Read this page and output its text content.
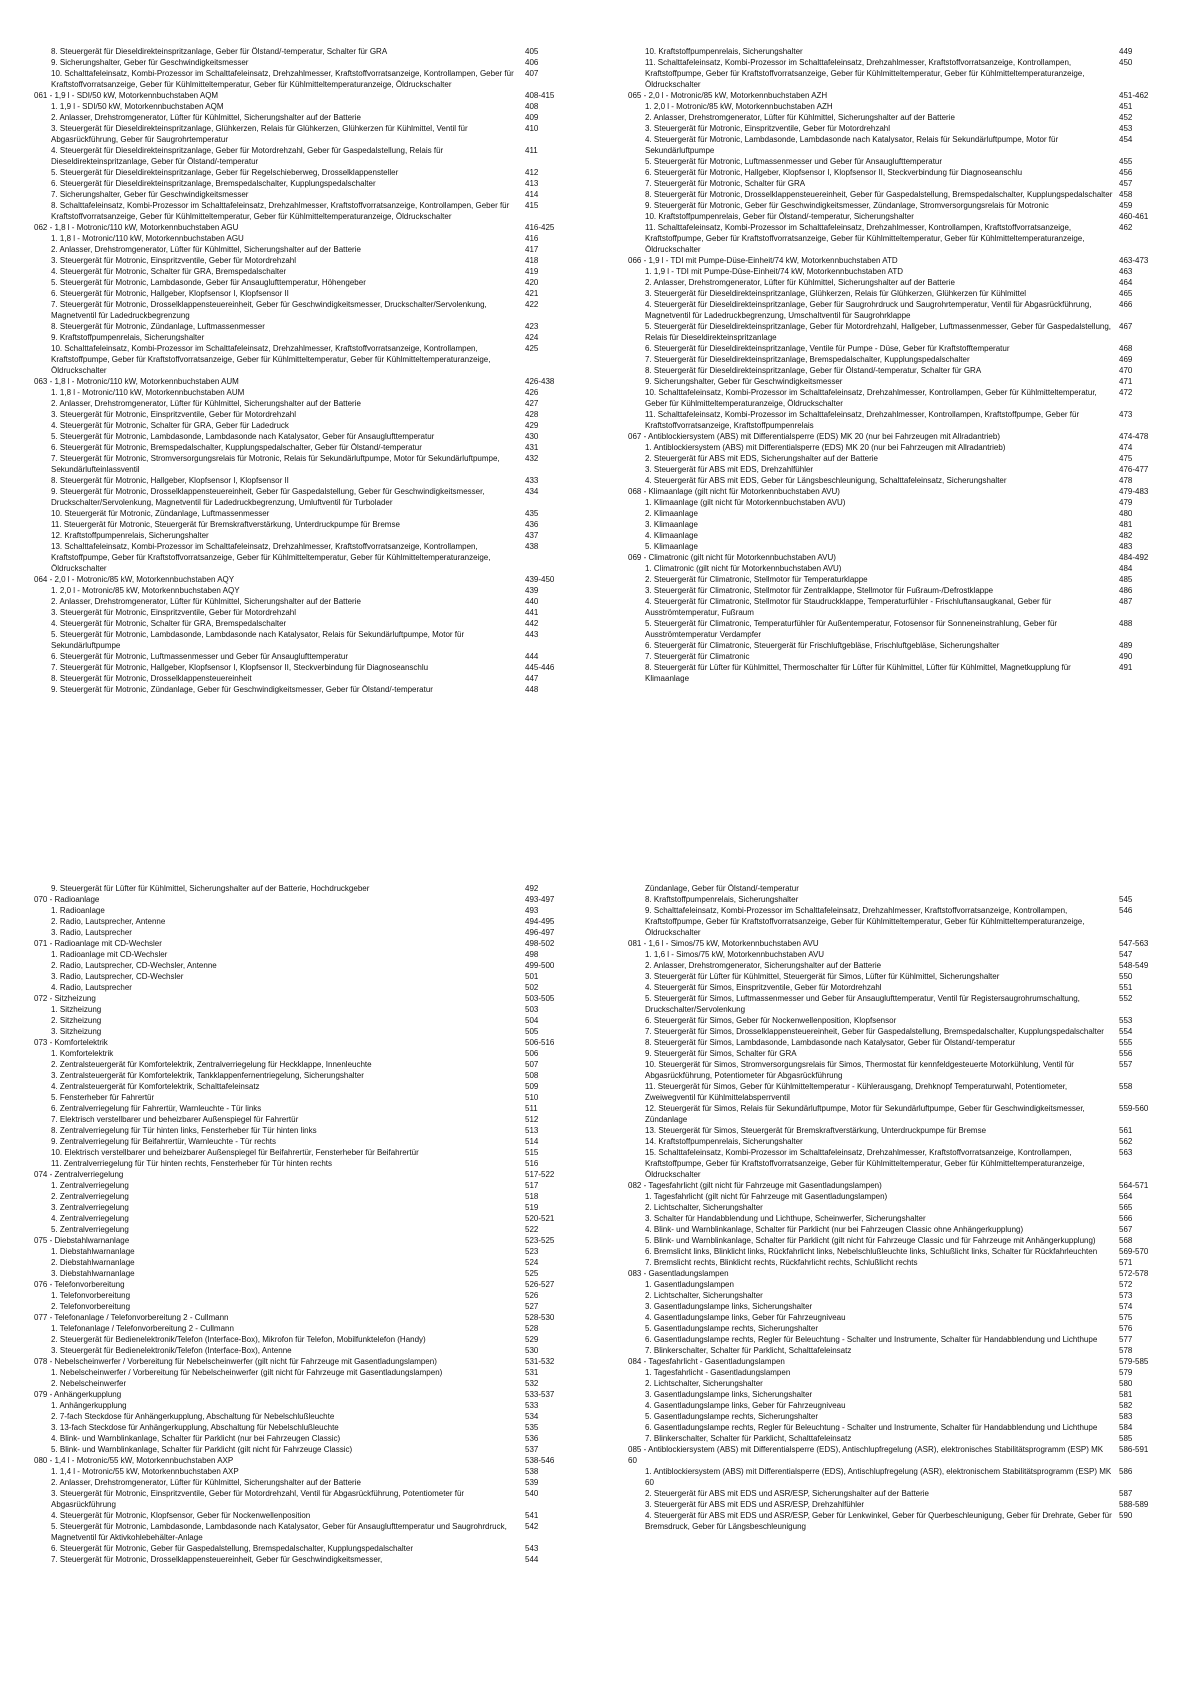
8. Steuergerät für Dieseldirekteinspritzanlage, Geber für Ölstand/-temperatur, Schalter für GRA	405
9. Sicherungshalter, Geber für Geschwindigkeitsmesser	406
10. Schalttafeleinsatz, Kombi-Prozessor im Schalttafeleinsatz, Drehzahlmesser, Kraftstoffvorratsanzeige, Kontrollampen, Geber für Kraftstoffvorratsanzeige, Geber für Kühlmitteltemperatur, Geber für Kühlmitteltemperaturanzeige, Öldruckschalter
407
061 - 1,9 l - SDI/50 kW, Motorkennbuchstaben AQM	408-415
1. 1,9 l - SDI/50 kW, Motorkennbuchstaben AQM	408
2. Anlasser, Drehstromgenerator, Lüfter für Kühlmittel, Sicherungshalter auf der Batterie	409
3. Steuergerät für Dieseldirekteinspritzanlage, Glühkerzen, Relais für Glühkerzen, Glühkerzen für Kühlmittel, Ventil für Abgasrückführung, Geber für Saugrohrtemperatur
410
4. Steuergerät für Dieseldirekteinspritzanlage, Geber für Motordrehzahl, Geber für Gaspedalstellung, Relais für Dieseldirekteinspritzanlage, Geber für Ölstand/-temperatur
411
5. Steuergerät für Dieseldirekteinspritzanlage, Geber für Regelschieberweg, Drosselklappensteller	412
6. Steuergerät für Dieseldirekteinspritzanlage, Bremspedalschalter, Kupplungspedalschalter	413
7. Sicherungshalter, Geber für Geschwindigkeitsmesser	414
8. Schalttafeleinsatz, Kombi-Prozessor im Schalttafeleinsatz, Drehzahlmesser, Kraftstoffvorratsanzeige, Kontrollampen, Geber für Kraftstoffvorratsanzeige, Geber für Kühlmitteltemperatur, Geber für Kühlmitteltemperaturanzeige, Öldruckschalter
415
062 - 1,8 l - Motronic/110 kW, Motorkennbuchstaben AGU	416-425
1. 1,8 l - Motronic/110 kW, Motorkennbuchstaben AGU	416
2. Anlasser, Drehstromgenerator, Lüfter für Kühlmittel, Sicherungshalter auf der Batterie	417
3. Steuergerät für Motronic, Einspritzventile, Geber für Motordrehzahl	418
4. Steuergerät für Motronic, Schalter für GRA, Bremspedalschalter	419
5. Steuergerät für Motronic, Lambdasonde, Geber für Ansauglufttemperatur, Höhengeber	420
6. Steuergerät für Motronic, Hallgeber, Klopfsensor I, Klopfsensor II	421
7. Steuergerät für Motronic, Drosselklappensteuereinheit, Geber für Geschwindigkeitsmesser, Druckschalter/Servolenkung, Magnetventil für Ladedruckbegrenzung
422
8. Steuergerät für Motronic, Zündanlage, Luftmassenmesser	423
9. Kraftstoffpumpenrelais, Sicherungshalter	424
10. Schalttafeleinsatz, Kombi-Prozessor im Schalttafeleinsatz, Drehzahlmesser, Kraftstoffvorratsanzeige, Kontrollampen, Kraftstoffpumpe, Geber für Kraftstoffvorratsanzeige, Geber für Kühlmitteltemperatur, Geber für Kühlmitteltemperaturanzeige, Öldruckschalter
425
063 - 1,8 l - Motronic/110 kW, Motorkennbuchstaben AUM	426-438
1. 1,8 l - Motronic/110 kW, Motorkennbuchstaben AUM	426
2. Anlasser, Drehstromgenerator, Lüfter für Kühlmittel, Sicherungshalter auf der Batterie	427
3. Steuergerät für Motronic, Einspritzventile, Geber für Motordrehzahl	428
4. Steuergerät für Motronic, Schalter für GRA, Geber für Ladedruck	429
5. Steuergerät für Motronic, Lambdasonde, Lambdasonde nach Katalysator, Geber für Ansauglufttemperatur	430
6. Steuergerät für Motronic, Bremspedalschalter, Kupplungspedalschalter, Geber für Ölstand/-temperatur	431
7. Steuergerät für Motronic, Stromversorgungsrelais für Motronic, Relais für Sekundärluftpumpe, Motor für Sekundärluftpumpe, Sekundärlufteinlassventil
432
8. Steuergerät für Motronic, Hallgeber, Klopfsensor I, Klopfsensor II	433
9. Steuergerät für Motronic, Drosselklappensteuereinheit, Geber für Gaspedalstellung, Geber für Geschwindigkeitsmesser, Druckschalter/Servolenkung, Magnetventil für Ladedruckbegrenzung, Umluftventil für Turbolader
434
10. Steuergerät für Motronic, Zündanlage, Luftmassenmesser	435
11. Steuergerät für Motronic, Steuergerät für Bremskraftverstärkung, Unterdruckpumpe für Bremse	436
12. Kraftstoffpumpenrelais, Sicherungshalter	437
13. Schalttafeleinsatz, Kombi-Prozessor im Schalttafeleinsatz, Drehzahlmesser, Kraftstoffvorratsanzeige, Kontrollampen, Kraftstoffpumpe, Geber für Kraftstoffvorratsanzeige, Geber für Kühlmitteltemperatur, Geber für Kühlmitteltemperaturanzeige, Öldruckschalter
438
064 - 2,0 l - Motronic/85 kW, Motorkennbuchstaben AQY	439-450
1. 2,0 l - Motronic/85 kW, Motorkennbuchstaben AQY	439
2. Anlasser, Drehstromgenerator, Lüfter für Kühlmittel, Sicherungshalter auf der Batterie	440
3. Steuergerät für Motronic, Einspritzventile, Geber für Motordrehzahl	441
4. Steuergerät für Motronic, Schalter für GRA, Bremspedalschalter	442
5. Steuergerät für Motronic, Lambdasonde, Lambdasonde nach Katalysator, Relais für Sekundärluftpumpe, Motor für Sekundärluftpumpe
443
6. Steuergerät für Motronic, Luftmassenmesser und Geber für Ansauglufttemperatur	444
7. Steuergerät für Motronic, Hallgeber, Klopfsensor I, Klopfsensor II, Steckverbindung für Diagnoseanschlu	445-446
8. Steuergerät für Motronic, Drosselklappensteuereinheit	447
9. Steuergerät für Motronic, Zündanlage, Geber für Geschwindigkeitsmesser, Geber für Ölstand/-temperatur	448
10. Kraftstoffpumpenrelais, Sicherungshalter	449
11. Schalttafeleinsatz, Kombi-Prozessor im Schalttafeleinsatz, Drehzahlmesser, Kraftstoffvorratsanzeige, Kontrollampen, Kraftstoffpumpe, Geber für Kraftstoffvorratsanzeige, Geber für Kühlmitteltemperatur, Geber für Kühlmitteltemperaturanzeige, Öldruckschalter
450
065 - 2,0 l - Motronic/85 kW, Motorkennbuchstaben AZH	451-462
1. 2,0 l - Motronic/85 kW, Motorkennbuchstaben AZH	451
2. Anlasser, Drehstromgenerator, Lüfter für Kühlmittel, Sicherungshalter auf der Batterie	452
3. Steuergerät für Motronic, Einspritzventile, Geber für Motordrehzahl	453
4. Steuergerät für Motronic, Lambdasonde, Lambdasonde nach Katalysator, Relais für Sekundärluftpumpe, Motor für Sekundärluftpumpe
454
5. Steuergerät für Motronic, Luftmassenmesser und Geber für Ansauglufttemperatur	455
6. Steuergerät für Motronic, Hallgeber, Klopfsensor I, Klopfsensor II, Steckverbindung für Diagnoseanschlu	456
7. Steuergerät für Motronic, Schalter für GRA	457
8. Steuergerät für Motronic, Drosselklappensteuereinheit, Geber für Gaspedalstellung, Bremspedalschalter, Kupplungspedalschalter 458
9. Steuergerät für Motronic, Geber für Geschwindigkeitsmesser, Zündanlage, Stromversorgungsrelais für Motronic	459
10. Kraftstoffpumpenrelais, Geber für Ölstand/-temperatur, Sicherungshalter	460-461
11. Schalttafeleinsatz, Kombi-Prozessor im Schalttafeleinsatz, Drehzahlmesser, Kontrollampen, Kraftstoffvorratsanzeige, Kraftstoffpumpe, Geber für Kraftstoffvorratsanzeige, Geber für Kühlmitteltemperatur, Geber für Kühlmitteltemperaturanzeige, Öldruckschalter
462
066 - 1,9 l - TDI mit Pumpe-Düse-Einheit/74 kW, Motorkennbuchstaben ATD	463-473
1. 1,9 l - TDI mit Pumpe-Düse-Einheit/74 kW, Motorkennbuchstaben ATD	463
2. Anlasser, Drehstromgenerator, Lüfter für Kühlmittel, Sicherungshalter auf der Batterie	464
3. Steuergerät für Dieseldirekteinspritzanlage, Glühkerzen, Relais für Glühkerzen, Glühkerzen für Kühlmittel	465
4. Steuergerät für Dieseldirekteinspritzanlage, Geber für Saugrohrdruck und Saugrohrtemperatur, Ventil für Abgasrückführung, Magnetventil für Ladedruckbegrenzung, Umschaltventil für Saugrohrklappe
466
5. Steuergerät für Dieseldirekteinspritzanlage, Geber für Motordrehzahl, Hallgeber, Luftmassenmesser, Geber für Gaspedalstellung, Relais für Dieseldirekteinspritzanlage
467
6. Steuergerät für Dieseldirekteinspritzanlage, Ventile für Pumpe - Düse, Geber für Kraftstofftemperatur	468
7. Steuergerät für Dieseldirekteinspritzanlage, Bremspedalschalter, Kupplungspedalschalter	469
8. Steuergerät für Dieseldirekteinspritzanlage, Geber für Ölstand/-temperatur, Schalter für GRA	470
9. Sicherungshalter, Geber für Geschwindigkeitsmesser	471
10. Schalttafeleinsatz, Kombi-Prozessor im Schalttafeleinsatz, Drehzahlmesser, Kontrollampen, Geber für Kühlmitteltemperatur, Geber für Kühlmitteltemperaturanzeige, Öldruckschalter
472
11. Schalttafeleinsatz, Kombi-Prozessor im Schalttafeleinsatz, Drehzahlmesser, Kontrollampen, Kraftstoffpumpe, Geber für Kraftstoffvorratsanzeige, Kraftstoffpumpenrelais
473
067 - Antiblockiersystem (ABS) mit Differentialsperre (EDS) MK 20 (nur bei Fahrzeugen mit Allradantrieb)	474-478
1. Antiblockiersystem (ABS) mit Differentialsperre (EDS) MK 20 (nur bei Fahrzeugen mit Allradantrieb)	474
2. Steuergerät für ABS mit EDS, Sicherungshalter auf der Batterie	475
3. Steuergerät für ABS mit EDS, Drehzahlfühler	476-477
4. Steuergerät für ABS mit EDS, Geber für Längsbeschleunigung, Schalttafeleinsatz, Sicherungshalter	478
068 - Klimaanlage (gilt nicht für Motorkennbuchstaben AVU)	479-483
1. Klimaanlage (gilt nicht für Motorkennbuchstaben AVU)	479
2. Klimaanlage	480
3. Klimaanlage	481
4. Klimaanlage	482
5. Klimaanlage	483
069 - Climatronic (gilt nicht für Motorkennbuchstaben AVU)	484-492
1. Climatronic (gilt nicht für Motorkennbuchstaben AVU)	484
2. Steuergerät für Climatronic, Stellmotor für Temperaturklappe	485
3. Steuergerät für Climatronic, Stellmotor für Zentralklappe, Stellmotor für Fußraum-/Defrostklappe	486
4. Steuergerät für Climatronic, Stellmotor für Staudruckklappe, Temperaturfühler - Frischluftansaugkanal, Geber für Ausströmtemperatur, Fußraum
487
5. Steuergerät für Climatronic, Temperaturfühler für Außentemperatur, Fotosensor für Sonneneinstrahlung, Geber für Ausströmtemperatur Verdampfer
488
6. Steuergerät für Climatronic, Steuergerät für Frischluftgebläse, Frischluftgebläse, Sicherungshalter	489
7. Steuergerät für Climatronic	490
8. Steuergerät für Lüfter für Kühlmittel, Thermoschalter für Lüfter für Kühlmittel, Lüfter für Kühlmittel, Magnetkupplung für Klimaanlage
491
9. Steuergerät für Lüfter für Kühlmittel, Sicherungshalter auf der Batterie, Hochdruckgeber	492
070 - Radioanlage	493-497
1. Radioanlage	493
2. Radio, Lautsprecher, Antenne	494-495
3. Radio, Lautsprecher	496-497
071 - Radioanlage mit CD-Wechsler	498-502
1. Radioanlage mit CD-Wechsler	498
2. Radio, Lautsprecher, CD-Wechsler, Antenne	499-500
3. Radio, Lautsprecher, CD-Wechsler	501
4. Radio, Lautsprecher	502
072 - Sitzheizung	503-505
1. Sitzheizung	503
2. Sitzheizung	504
3. Sitzheizung	505
073 - Komfortelektrik	506-516
1. Komfortelektrik	506
2. Zentralsteuergerät für Komfortelektrik, Zentralverriegelung für Heckklappe, Innenleuchte	507
3. Zentralsteuergerät für Komfortelektrik, Tankklappenfernentriegelung, Sicherungshalter	508
4. Zentralsteuergerät für Komfortelektrik, Schalttafeleinsatz	509
5. Fensterheber für Fahrertür	510
6. Zentralverriegelung für Fahrertür, Warnleuchte - Tür links	511
7. Elektrisch verstellbarer und beheizbarer Außenspiegel für Fahrertür	512
8. Zentralverriegelung für Tür hinten links, Fensterheber für Tür hinten links	513
9. Zentralverriegelung für Beifahrertür, Warnleuchte - Tür rechts	514
10. Elektrisch verstellbarer und beheizbarer Außenspiegel für Beifahrertür, Fensterheber für Beifahrertür	515
11. Zentralverriegelung für Tür hinten rechts, Fensterheber für Tür hinten rechts	516
074 - Zentralverriegelung	517-522
1. Zentralverriegelung	517
2. Zentralverriegelung	518
3. Zentralverriegelung	519
4. Zentralverriegelung	520-521
5. Zentralverriegelung	522
075 - Diebstahlwarnanlage	523-525
1. Diebstahlwarnanlage	523
2. Diebstahlwarnanlage	524
3. Diebstahlwarnanlage	525
076 - Telefonvorbereitung	526-527
1. Telefonvorbereitung	526
2. Telefonvorbereitung	527
077 - Telefonanlage / Telefonvorbereitung 2 - Cullmann	528-530
1. Telefonanlage / Telefonvorbereitung 2 - Cullmann	528
2. Steuergerät für Bedienelektronik/Telefon (Interface-Box), Mikrofon für Telefon, Mobilfunktelefon (Handy)	529
3. Steuergerät für Bedienelektronik/Telefon (Interface-Box), Antenne	530
078 - Nebelscheinwerfer / Vorbereitung für Nebelscheinwerfer (gilt nicht für Fahrzeuge mit Gasentladungslampen)	531-532
1. Nebelscheinwerfer / Vorbereitung für Nebelscheinwerfer (gilt nicht für Fahrzeuge mit Gasentladungslampen)	531
2. Nebelscheinwerfer	532
079 - Anhängerkupplung	533-537
1. Anhängerkupplung	533
2. 7-fach Steckdose für Anhängerkupplung, Abschaltung für Nebelschlußleuchte	534
3. 13-fach Steckdose für Anhängerkupplung, Abschaltung für Nebelschlußleuchte	535
4. Blink- und Warnblinkanlage, Schalter für Parklicht (nur bei Fahrzeugen Classic)	536
5. Blink- und Warnblinkanlage, Schalter für Parklicht (gilt nicht für Fahrzeuge Classic)	537
080 - 1,4 l - Motronic/55 kW, Motorkennbuchstaben AXP	538-546
1. 1,4 l - Motronic/55 kW, Motorkennbuchstaben AXP	538
2. Anlasser, Drehstromgenerator, Lüfter für Kühlmittel, Sicherungshalter auf der Batterie	539
3. Steuergerät für Motronic, Einspritzventile, Geber für Motordrehzahl, Ventil für Abgasrückführung, Potentiometer für Abgasrückführung
540
4. Steuergerät für Motronic, Klopfsensor, Geber für Nockenwellenposition	541
5. Steuergerät für Motronic, Lambdasonde, Lambdasonde nach Katalysator, Geber für Ansauglufttemperatur und Saugrohrdruck, Magnetventil für Aktivkohlebehälter-Anlage
542
6. Steuergerät für Motronic, Geber für Gaspedalstellung, Bremspedalschalter, Kupplungspedalschalter	543
7. Steuergerät für Motronic, Drosselklappensteuereinheit, Geber für Geschwindigkeitsmesser,	544
Zündanlage, Geber für Ölstand/-temperatur
8. Kraftstoffpumpenrelais, Sicherungshalter	545
9. Schalttafeleinsatz, Kombi-Prozessor im Schalttafeleinsatz, Drehzahlmesser, Kraftstoffvorratsanzeige, Kontrollampen, Kraftstoffpumpe, Geber für Kraftstoffvorratsanzeige, Geber für Kühlmitteltemperatur, Geber für Kühlmitteltemperaturanzeige, Öldruckschalter
546
081 - 1,6 l - Simos/75 kW, Motorkennbuchstaben AVU	547-563
1. 1,6 l - Simos/75 kW, Motorkennbuchstaben AVU	547
2. Anlasser, Drehstromgenerator, Sicherungshalter auf der Batterie	548-549
3. Steuergerät für Lüfter für Kühlmittel, Steuergerät für Simos, Lüfter für Kühlmittel, Sicherungshalter	550
4. Steuergerät für Simos, Einspritzventile, Geber für Motordrehzahl	551
5. Steuergerät für Simos, Luftmassenmesser und Geber für Ansauglufttemperatur, Ventil für Registersaugrohrumschaltung, Druckschalter/Servolenkung
552
6. Steuergerät für Simos, Geber für Nockenwellenposition, Klopfsensor	553
7. Steuergerät für Simos, Drosselklappensteuereinheit, Geber für Gaspedalstellung, Bremspedalschalter, Kupplungspedalschalter	554
8. Steuergerät für Simos, Lambdasonde, Lambdasonde nach Katalysator, Geber für Ölstand/-temperatur	555
9. Steuergerät für Simos, Schalter für GRA	556
10. Steuergerät für Simos, Stromversorgungsrelais für Simos, Thermostat für kennfeldgesteuerte Motorkühlung, Ventil für Abgasrückführung, Potentiometer für Abgasrückführung
557
11. Steuergerät für Simos, Geber für Kühlmitteltemperatur - Kühlerausgang, Drehknopf Temperaturwahl, Potentiometer, Zweiwegventil für Kühlmittelabsperrventil
558
12. Steuergerät für Simos, Relais für Sekundärluftpumpe, Motor für Sekundärluftpumpe, Geber für Geschwindigkeitsmesser, Zündanlage
559-560
13. Steuergerät für Simos, Steuergerät für Bremskraftverstärkung, Unterdruckpumpe für Bremse	561
14. Kraftstoffpumpenrelais, Sicherungshalter	562
15. Schalttafeleinsatz, Kombi-Prozessor im Schalttafeleinsatz, Drehzahlmesser, Kraftstoffvorratsanzeige, Kontrollampen, Kraftstoffpumpe, Geber für Kraftstoffvorratsanzeige, Geber für Kühlmitteltemperatur, Geber für Kühlmitteltemperaturanzeige, Öldruckschalter
563
082 - Tagesfahrlicht (gilt nicht für Fahrzeuge mit Gasentladungslampen)	564-571
1. Tagesfahrlicht (gilt nicht für Fahrzeuge mit Gasentladungslampen)	564
2. Lichtschalter, Sicherungshalter	565
3. Schalter für Handabblendung und Lichthupe, Scheinwerfer, Sicherungshalter	566
4. Blink- und Warnblinkanlage, Schalter für Parklicht (nur bei Fahrzeugen Classic ohne Anhängerkupplung)	567
5. Blink- und Warnblinkanlage, Schalter für Parklicht (gilt nicht für Fahrzeuge Classic und für Fahrzeuge mit Anhängerkupplung)	568
6. Bremslicht links, Blinklicht links, Rückfahrlicht links, Nebelschlußleuchte links, Schlußlicht links, Schalter für Rückfahrleuchten	569-570
7. Bremslicht rechts, Blinklicht rechts, Rückfahrlicht rechts, Schlußlicht rechts	571
083 - Gasentladungslampen	572-578
1. Gasentladungslampen	572
2. Lichtschalter, Sicherungshalter	573
3. Gasentladungslampe links, Sicherungshalter	574
4. Gasentladungslampe links, Geber für Fahrzeugniveau	575
5. Gasentladungslampe rechts, Sicherungshalter	576
6. Gasentladungslampe rechts, Regler für Beleuchtung - Schalter und Instrumente, Schalter für Handabblendung und Lichthupe	577
7. Blinkerschalter, Schalter für Parklicht, Schalttafeleinsatz	578
084 - Tagesfahrlicht - Gasentladungslampen	579-585
1. Tagesfahrlicht - Gasentladungslampen	579
2. Lichtschalter, Sicherungshalter	580
3. Gasentladungslampe links, Sicherungshalter	581
4. Gasentladungslampe links, Geber für Fahrzeugniveau	582
5. Gasentladungslampe rechts, Sicherungshalter	583
6. Gasentladungslampe rechts, Regler für Beleuchtung - Schalter und Instrumente, Schalter für Handabblendung und Lichthupe	584
7. Blinkerschalter, Schalter für Parklicht, Schalttafeleinsatz	585
085 - Antiblockiersystem (ABS) mit Differentialsperre (EDS), Antischlupfregelung (ASR), elektronisches Stabilitätsprogramm (ESP) MK 60
586-591
1. Antiblockiersystem (ABS) mit Differentialsperre (EDS), Antischlupfregelung (ASR), elektronischem Stabilitätsprogramm (ESP) MK 60
586
2. Steuergerät für ABS mit EDS und ASR/ESP, Sicherungshalter auf der Batterie	587
3. Steuergerät für ABS mit EDS und ASR/ESP, Drehzahlfühler	588-589
4. Steuergerät für ABS mit EDS und ASR/ESP, Geber für Lenkwinkel, Geber für Querbeschleunigung, Geber für Drehrate, Geber für Bremsdruck, Geber für Längsbeschleunigung
590
